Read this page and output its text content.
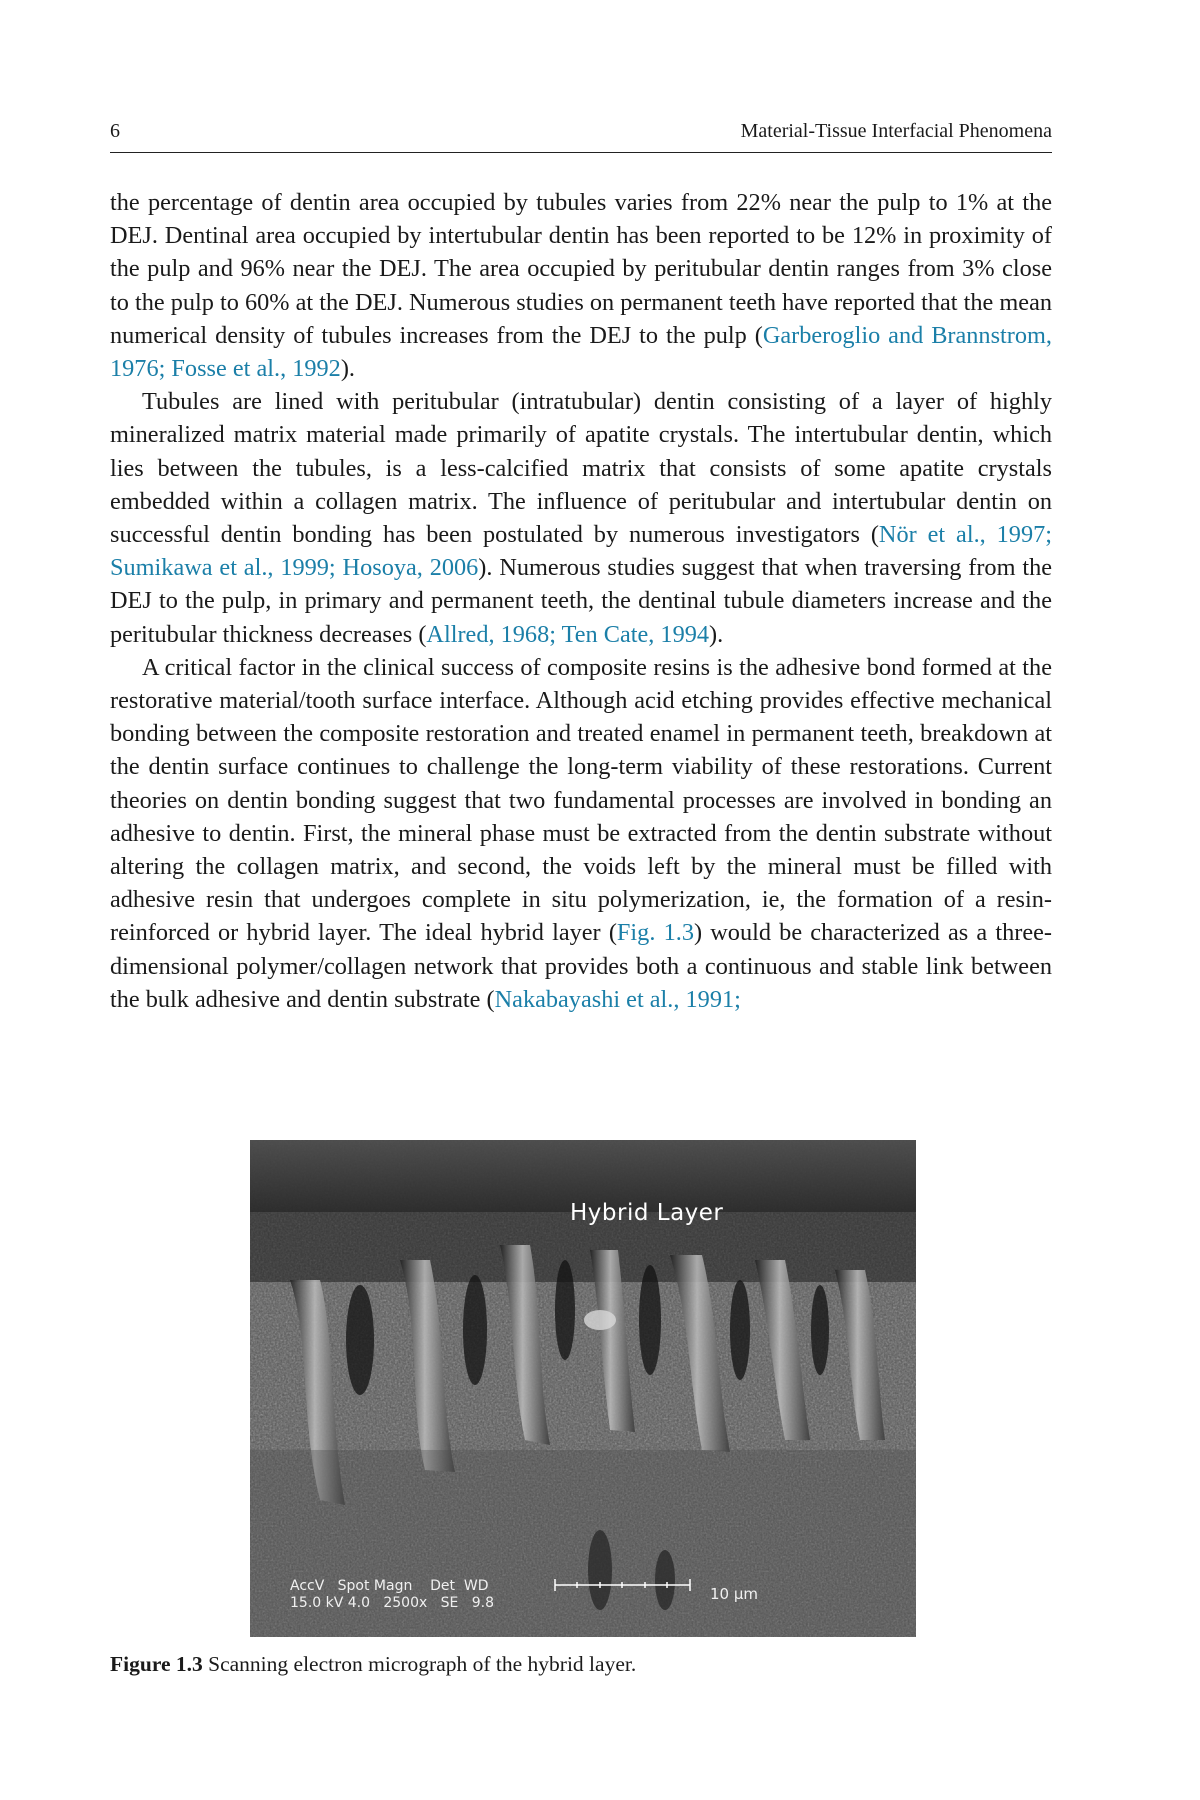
6	Material-Tissue Interfacial Phenomena

the percentage of dentin area occupied by tubules varies from 22% near the pulp to 1% at the DEJ. Dentinal area occupied by intertubular dentin has been reported to be 12% in proximity of the pulp and 96% near the DEJ. The area occupied by peritubular dentin ranges from 3% close to the pulp to 60% at the DEJ. Numerous studies on permanent teeth have reported that the mean numerical density of tubules increases from the DEJ to the pulp (Garberoglio and Brannstrom, 1976; Fosse et al., 1992).

Tubules are lined with peritubular (intratubular) dentin consisting of a layer of highly mineralized matrix material made primarily of apatite crystals. The intertubular dentin, which lies between the tubules, is a less-calcified matrix that consists of some apatite crystals embedded within a collagen matrix. The influence of peritubular and intertubular dentin on successful dentin bonding has been postulated by numerous investigators (Nör et al., 1997; Sumikawa et al., 1999; Hosoya, 2006). Numerous studies suggest that when traversing from the DEJ to the pulp, in primary and permanent teeth, the dentinal tubule diameters increase and the peritubular thickness decreases (Allred, 1968; Ten Cate, 1994).

A critical factor in the clinical success of composite resins is the adhesive bond formed at the restorative material/tooth surface interface. Although acid etching provides effective mechanical bonding between the composite restoration and treated enamel in permanent teeth, breakdown at the dentin surface continues to challenge the long-term viability of these restorations. Current theories on dentin bonding suggest that two fundamental processes are involved in bonding an adhesive to dentin. First, the mineral phase must be extracted from the dentin substrate without altering the collagen matrix, and second, the voids left by the mineral must be filled with adhesive resin that undergoes complete in situ polymerization, ie, the formation of a resinreinforced or hybrid layer. The ideal hybrid layer (Fig. 1.3) would be characterized as a three-dimensional polymer/collagen network that provides both a continuous and stable link between the bulk adhesive and dentin substrate (Nakabayashi et al., 1991;

Hybrid Layer
AccV   Spot Magn    Det  WD
15.0 kV 4.0   2500x   SE   9.8	10 µm
Figure 1.3 Scanning electron micrograph of the hybrid layer.
